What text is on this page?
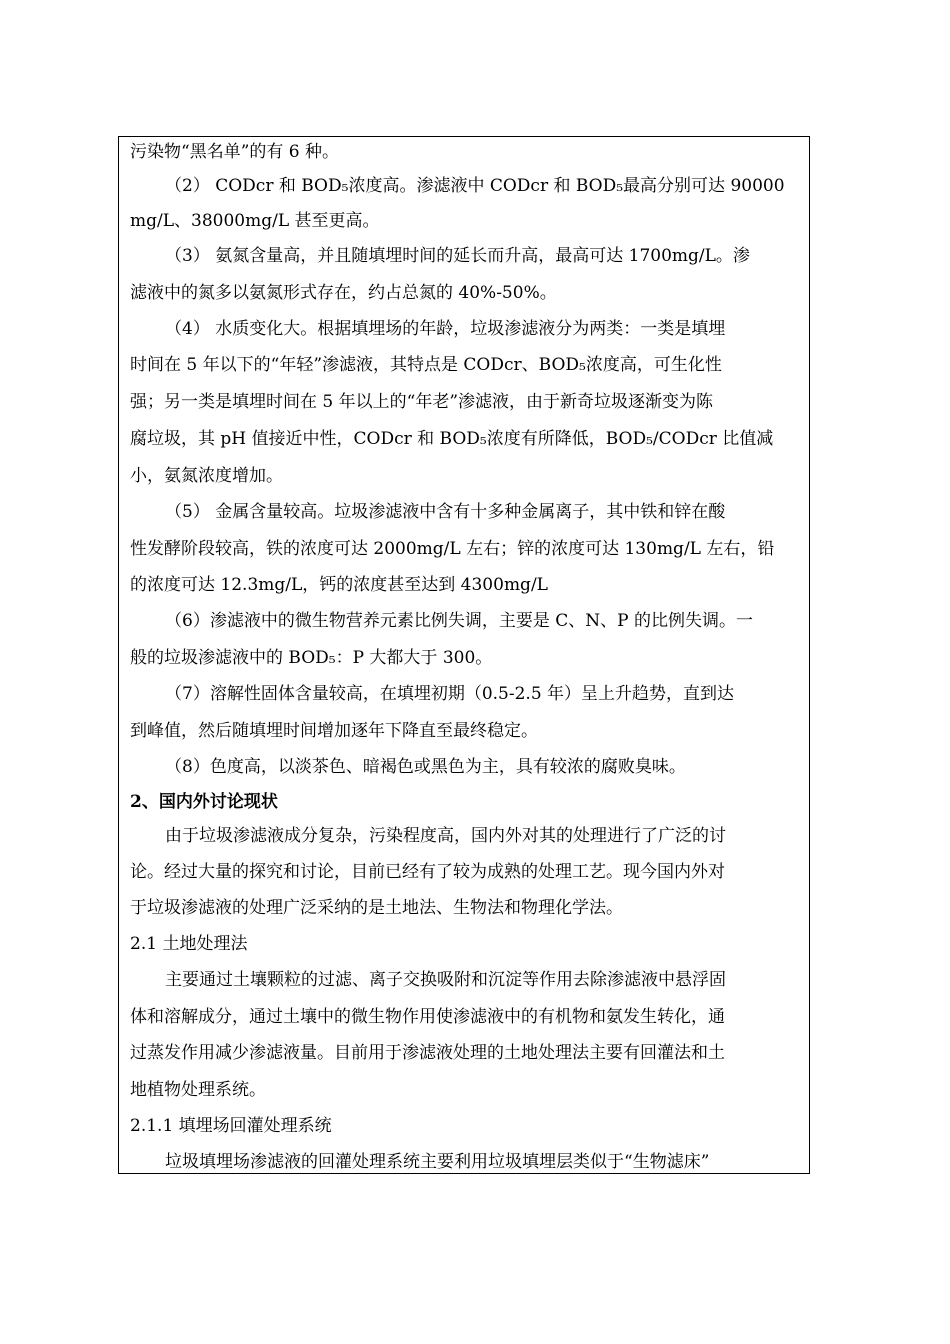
污染物“黑名单”的有 6 种。
（2） CODcr 和 BOD₅浓度高。渗滤液中 CODcr 和 BOD₅最高分别可达 90000
mg/L、38000mg/L 甚至更高。
（3） 氨氮含量高，并且随填埋时间的延长而升高，最高可达 1700mg/L。渗
滤液中的氮多以氨氮形式存在，约占总氮的 40%-50%。
（4） 水质变化大。根据填埋场的年龄，垃圾渗滤液分为两类：一类是填埋
时间在 5 年以下的“年轻”渗滤液，其特点是 CODcr、BOD₅浓度高，可生化性
强；另一类是填埋时间在 5 年以上的“年老”渗滤液，由于新奇垃圾逐渐变为陈
腐垃圾，其 pH 值接近中性，CODcr 和 BOD₅浓度有所降低，BOD₅/CODcr 比值减
小，氨氮浓度增加。
（5） 金属含量较高。垃圾渗滤液中含有十多种金属离子，其中铁和锌在酸
性发酵阶段较高，铁的浓度可达 2000mg/L 左右；锌的浓度可达 130mg/L 左右，铅
的浓度可达 12.3mg/L，钙的浓度甚至达到 4300mg/L
（6）渗滤液中的微生物营养元素比例失调，主要是 C、N、P 的比例失调。一
般的垃圾渗滤液中的 BOD₅：P 大都大于 300。
（7）溶解性固体含量较高，在填埋初期（0.5-2.5 年）呈上升趋势，直到达
到峰值，然后随填埋时间增加逐年下降直至最终稳定。
（8）色度高，以淡茶色、暗褐色或黑色为主，具有较浓的腐败臭味。
2、国内外讨论现状
由于垃圾渗滤液成分复杂，污染程度高，国内外对其的处理进行了广泛的讨
论。经过大量的探究和讨论，目前已经有了较为成熟的处理工艺。现今国内外对
于垃圾渗滤液的处理广泛采纳的是土地法、生物法和物理化学法。
2.1 土地处理法
主要通过土壤颗粒的过滤、离子交换吸附和沉淀等作用去除渗滤液中悬浮固
体和溶解成分，通过土壤中的微生物作用使渗滤液中的有机物和氨发生转化，通
过蒸发作用减少渗滤液量。目前用于渗滤液处理的土地处理法主要有回灌法和土
地植物处理系统。
2.1.1 填埋场回灌处理系统
垃圾填埋场渗滤液的回灌处理系统主要利用垃圾填埋层类似于“生物滤床”
